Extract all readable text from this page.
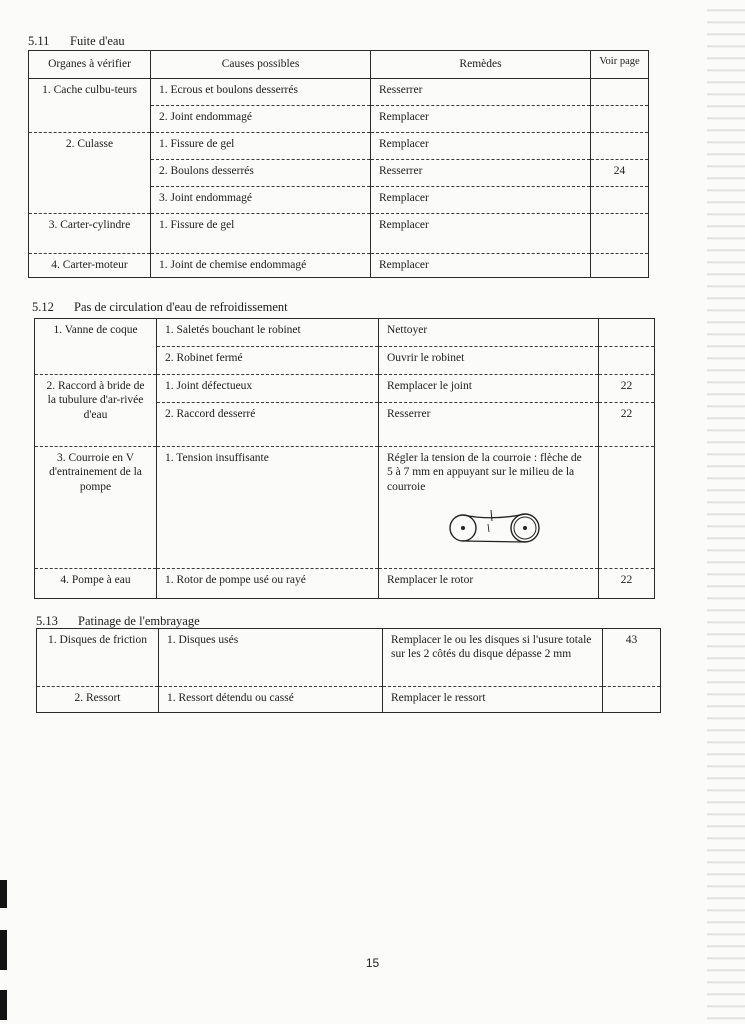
5.11 Fuite d'eau
Organes à vérifier	Causes possibles	Remèdes	Voir page
1. Cache culbu-teurs	1. Ecrous et boulons desserrés	Resserrer	
	2. Joint endommagé	Remplacer	
2. Culasse	1. Fissure de gel	Remplacer	
	2. Boulons desserrés	Resserrer	24
	3. Joint endommagé	Remplacer	
3. Carter-cylindre	1. Fissure de gel	Remplacer	
4. Carter-moteur	1. Joint de chemise endommagé	Remplacer	
5.12 Pas de circulation d'eau de refroidissement
1. Vanne de coque	1. Saletés bouchant le robinet	Nettoyer	
	2. Robinet fermé	Ouvrir le robinet	
2. Raccord à bride de la tubulure d'ar-rivée d'eau	1. Joint défectueux	Remplacer le joint	22
	2. Raccord desserré	Resserrer	22
3. Courroie en V d'entrainement de la pompe	1. Tension insuffisante	Régler la tension de la courroie : flèche de 5 à 7 mm en appuyant sur le milieu de la courroie

4. Pompe à eau	1. Rotor de pompe usé ou rayé	Remplacer le rotor	22
5.13 Patinage de l'embrayage
1. Disques de friction	1. Disques usés	Remplacer le ou les disques si l'usure totale sur les 2 côtés du disque dépasse 2 mm	43
2. Ressort	1. Ressort détendu ou cassé	Remplacer le ressort	
15
